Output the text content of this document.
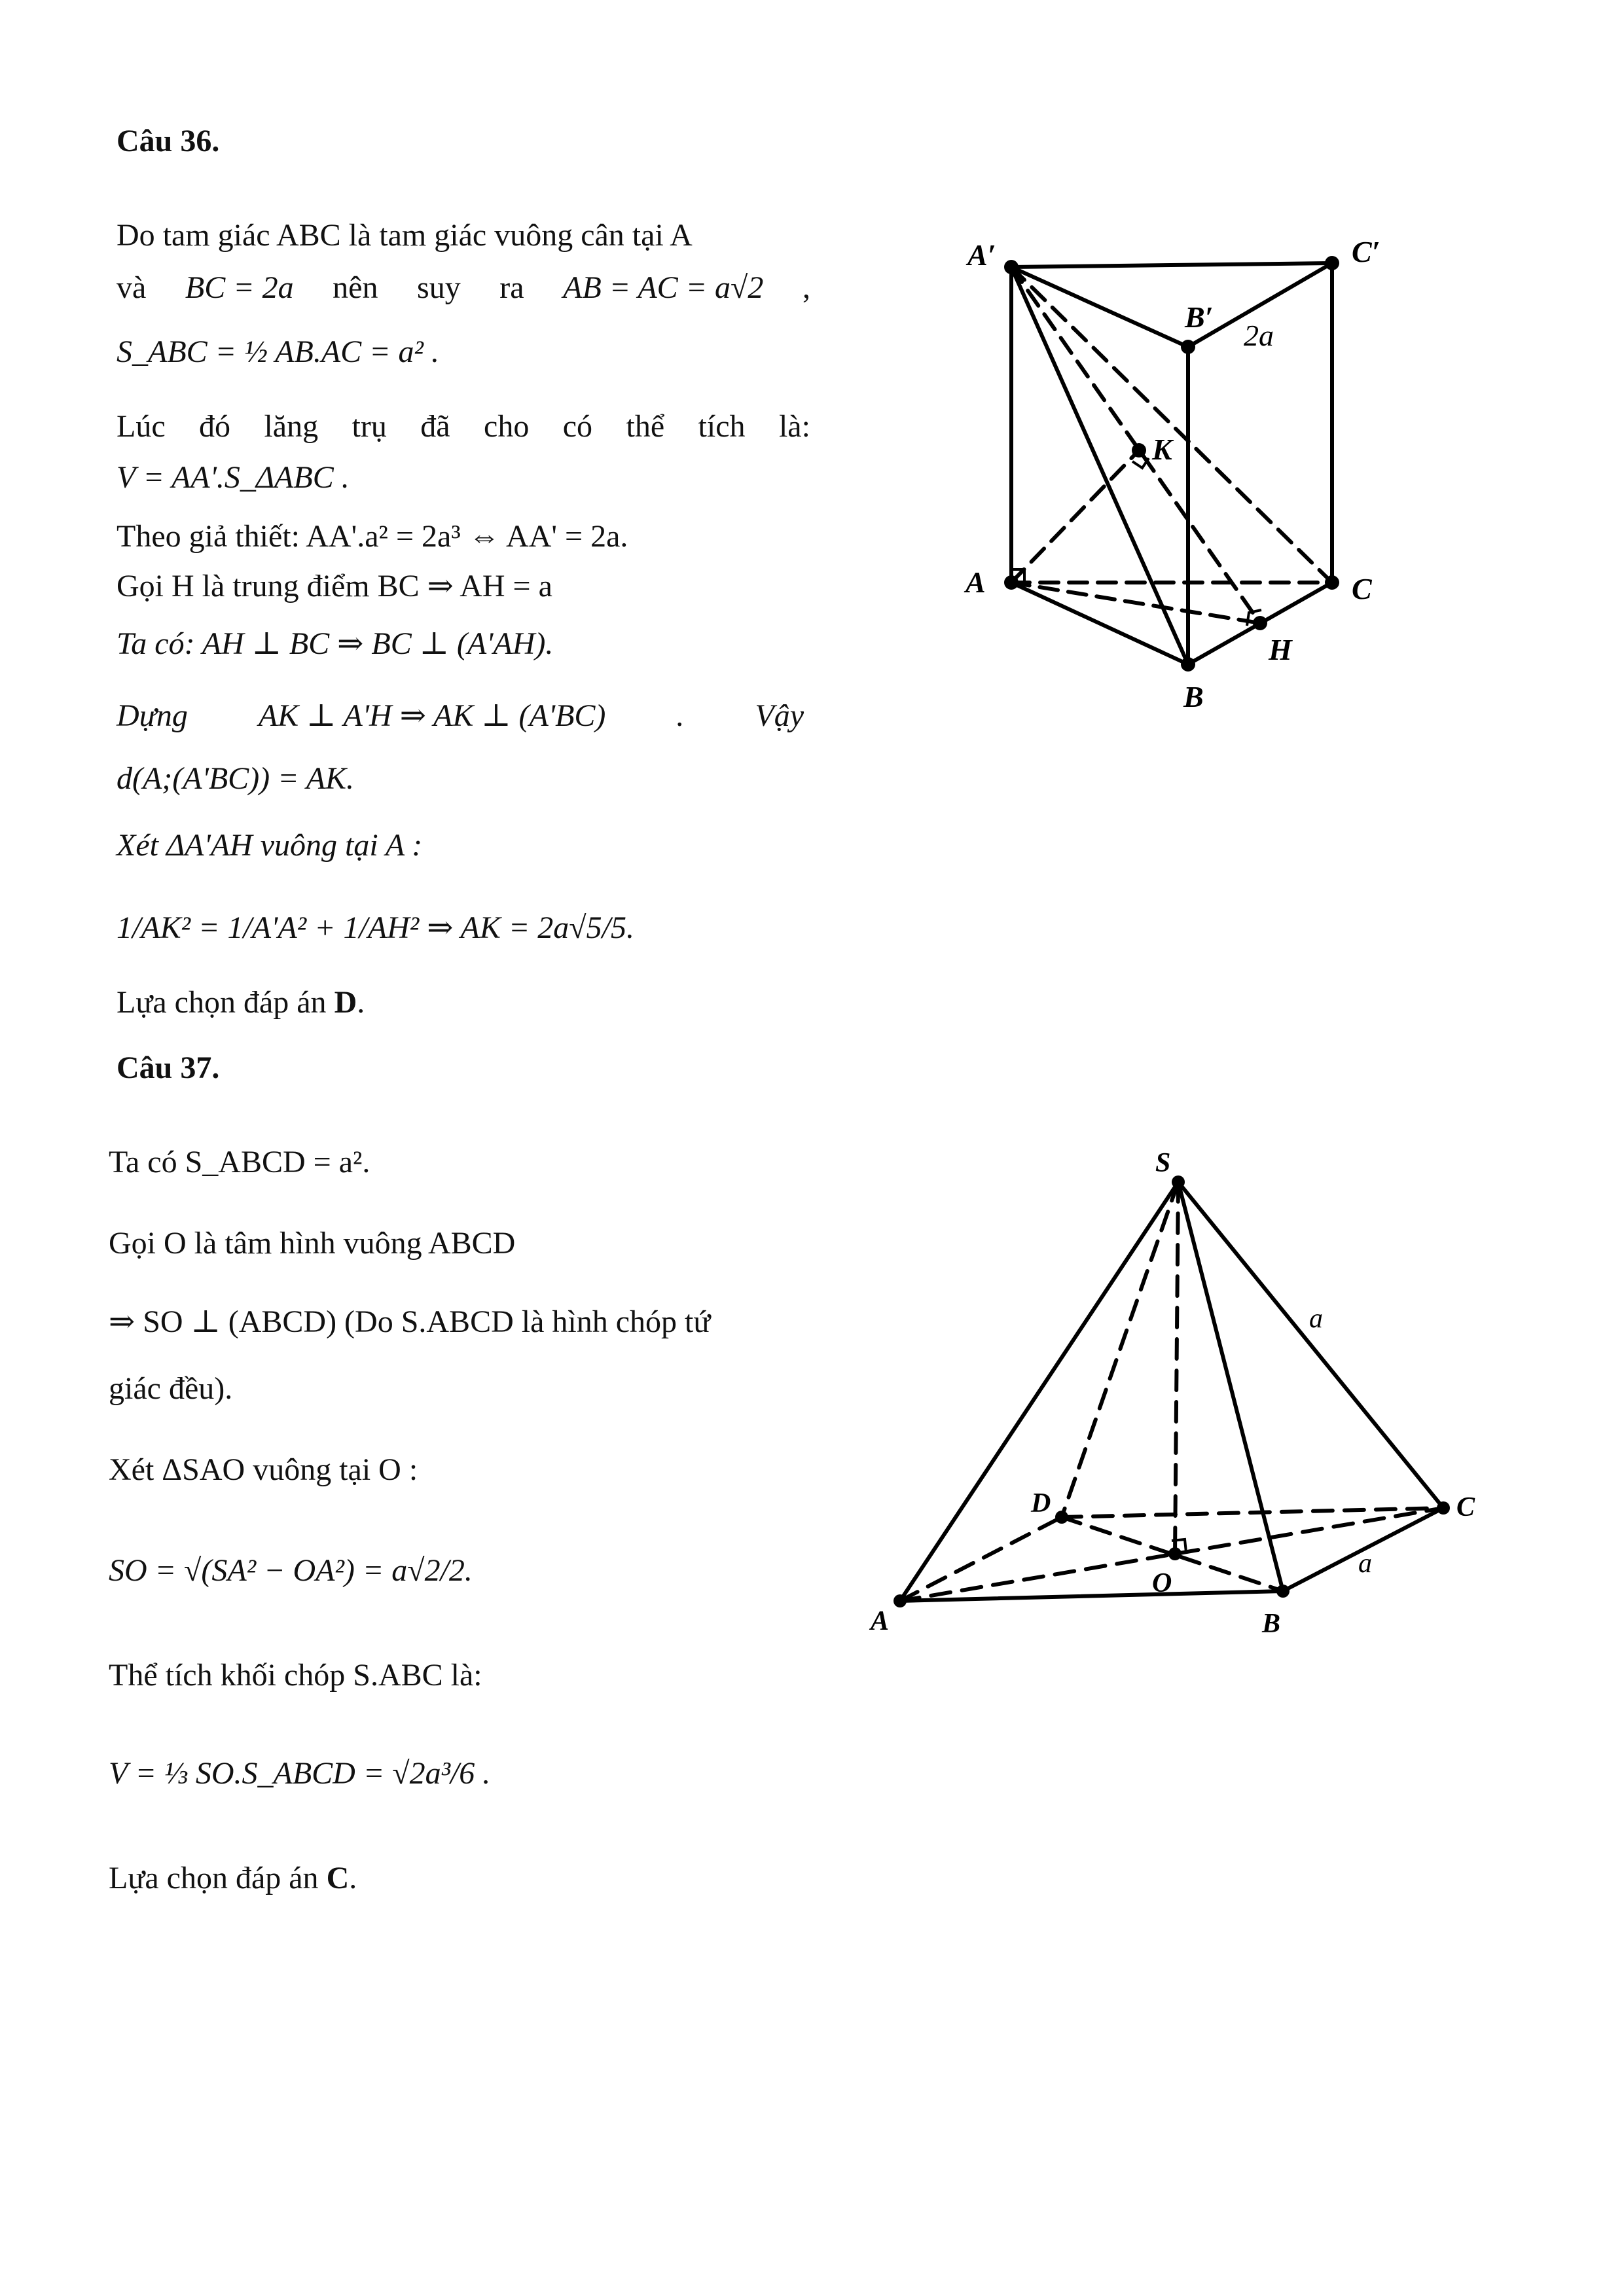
Câu 36.
Do tam giác ABC là tam giác vuông cân tại A
và BC = 2a nên suy ra AB = AC = a√2 ,
S_ABC = ½ AB.AC = a² .
Lúc đó lăng trụ đã cho có thể tích là:
V = AA'.S_ΔABC .
Theo giả thiết: AA'.a² = 2a³ ⇔ AA' = 2a.
Gọi H là trung điểm BC ⇒ AH = a
Ta có: AH ⊥ BC ⇒ BC ⊥ (A'AH).
Dựng AK ⊥ A'H ⇒ AK ⊥ (A'BC) . Vậy
d(A;(A'BC)) = AK.
Xét ΔA'AH vuông tại A :
1/AK² = 1/A'A² + 1/AH² ⇒ AK = 2a√5/5.
Lựa chọn đáp án D.
Câu 37.
Ta có S_ABCD = a².
Gọi O là tâm hình vuông ABCD
⇒ SO ⊥ (ABCD) (Do S.ABCD là hình chóp tứ
giác đều).
Xét ΔSAO vuông tại O :
SO = √(SA² − OA²) = a√2/2.
Thể tích khối chóp S.ABC là:
V = ⅓ SO.S_ABCD = √2a³/6 .
Lựa chọn đáp án C.
A′	C′
B′
K
A	C
H
B
2a
S
A	B
C
D
O
a
a
